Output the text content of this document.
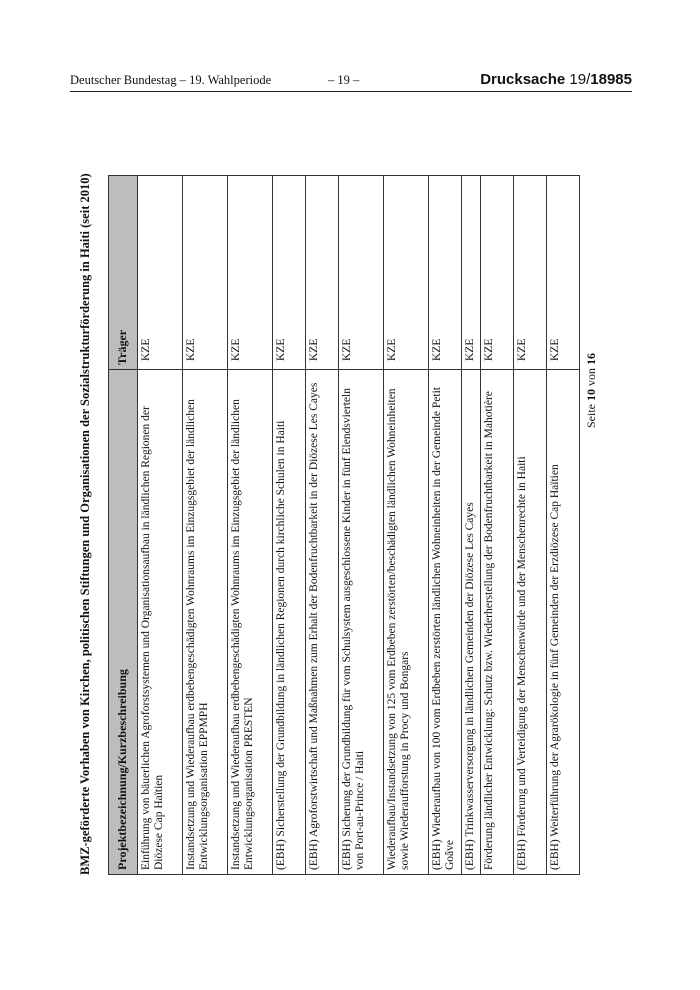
Deutscher Bundestag – 19. Wahlperiode	– 19 –	Drucksache 19/18985
BMZ-geförderte Vorhaben von Kirchen, politischen Stiftungen und Organisationen der Sozialstrukturförderung in Haiti (seit 2010) Projektbezeichnung/Kurzbeschreibung	Träger
Einführung von bäuerlichen Agroforstsystemen und Organisationsaufbau in ländlichen Regionen der Diözese Cap Haïtien	KZE
Instandsetzung und Wiederaufbau erdbebengeschädigten Wohnraums im Einzugsgebiet der ländlichen Entwicklungsorganisation EPPMPH	KZE
Instandsetzung und Wiederaufbau erdbebengeschädigten Wohnraums im Einzugsgebiet der ländlichen Entwicklungsorganisation PRESTEN	KZE
(EBH) Sicherstellung der Grundbildung in ländlichen Regionen durch kirchliche Schulen in Haiti	KZE
(EBH) Agroforstwirtschaft und Maßnahmen zum Erhalt der Bodenfruchtbarkeit in der Diözese Les Cayes	KZE
(EBH) Sicherung der Grundbildung für vom Schulsystem ausgeschlossene Kinder in fünf Elendsvierteln von Port-au-Prince / Haiti	KZE
Wiederaufbau/Instandsetzung von 125 vom Erdbeben zerstörten/beschädigten ländlichen Wohneinheiten sowie Wiederaufforstung in Procy und Bongars	KZE
(EBH) Wiederaufbau von 100 vom Erdbeben zerstörten ländlichen Wohneinheiten in der Gemeinde Petit Goâve	KZE
(EBH) Trinkwasserversorgung in ländlichen Gemeinden der Diözese Les Cayes	KZE
Förderung ländlicher Entwicklung: Schutz bzw. Wiederherstellung der Bodenfruchtbarkeit in Mahotière	KZE
(EBH) Förderung und Verteidigung der Menschenwürde und der Menschenrechte in Haiti	KZE
(EBH) Weiterführung der Agrarökologie in fünf Gemeinden der Erzdiözese Cap Haïtien	KZE
Seite 10 von 16
